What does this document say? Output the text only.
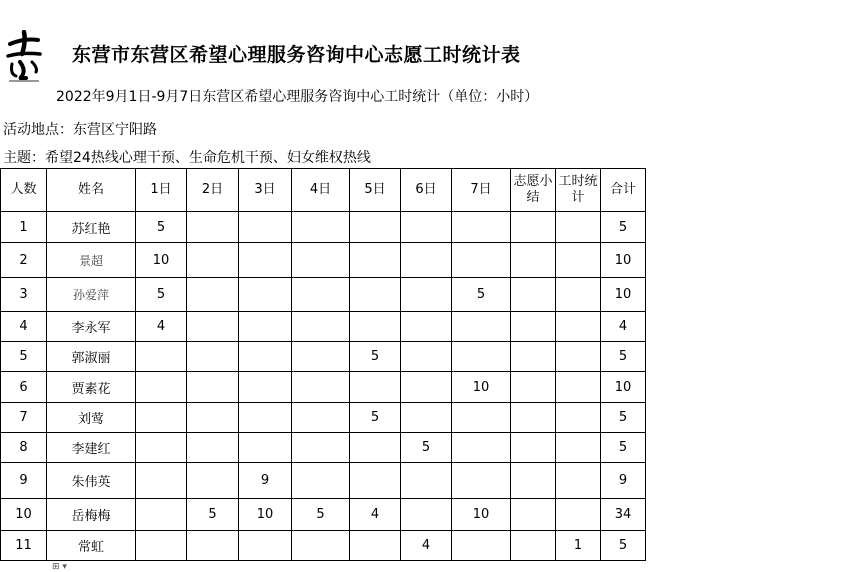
东营市东营区希望心理服务咨询中心志愿工时统计表
2022年9月1日-9月7日东营区希望心理服务咨询中心工时统计（单位：小时）
活动地点：东营区宁阳路
主题：希望24热线心理干预、生命危机干预、妇女维权热线
人数	姓名	1日	2日	3日	4日	5日	6日	7日	志愿小结	工时统计	合计
1	苏红艳	5									5
2	景超	10									10
3	孙爱萍	5						5			10
4	李永军	4									4
5	郭淑丽					5					5
6	贾素花							10			10
7	刘莺					5					5
8	李建红						5				5
9	朱伟英			9							9
10	岳梅梅		5	10	5	4		10			34
11	常虹						4			1	5
⊞ ▾
